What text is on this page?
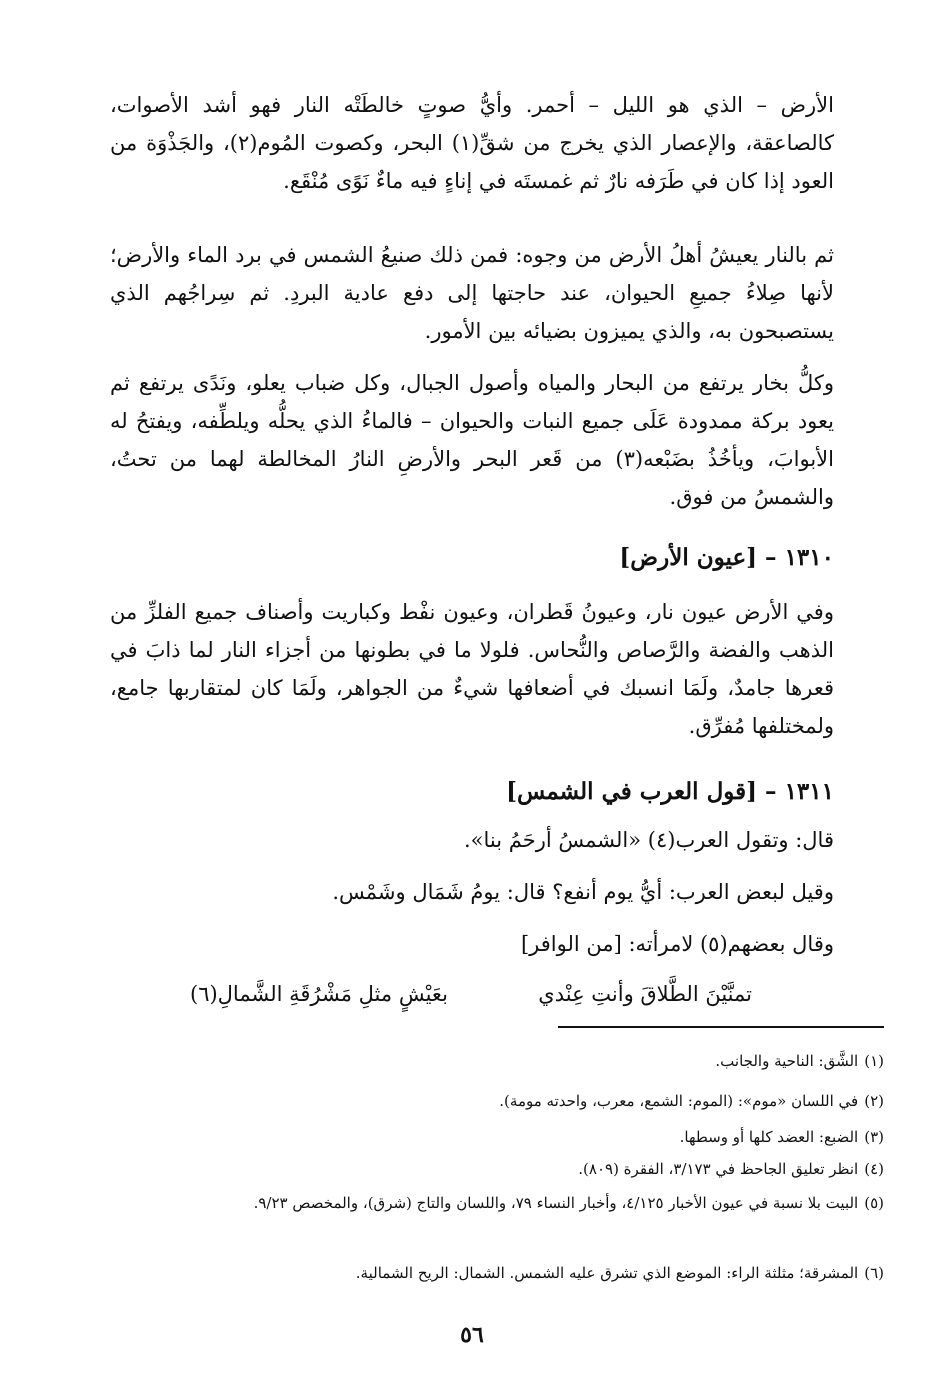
الأرض – الذي هو الليل – أحمر. وأيُّ صوتٍ خالطَتْه النار فهو أشد الأصوات، كالصاعقة، والإعصار الذي يخرج من شقِّ(١) البحر، وكصوت المُوم(٢)، والجَذْوَة من العود إذا كان في طَرَفه نارٌ ثم غمستَه في إناءٍ فيه ماءٌ نَوًى مُنْقَع.

ثم بالنار يعيشُ أهلُ الأرض من وجوه: فمن ذلك صنيعُ الشمس في برد الماء والأرض؛ لأنها صِلاءُ جميعِ الحيوان، عند حاجتها إلى دفع عادية البردِ. ثم سِراجُهم الذي يستصبحون به، والذي يميزون بضيائه بين الأمور.

وكلُّ بخار يرتفع من البحار والمياه وأصول الجبال، وكل ضباب يعلو، ونَدًى يرتفع ثم يعود بركة ممدودة عَلَى جميع النبات والحيوان – فالماءُ الذي يحلُّه ويلطِّفه، ويفتحُ له الأبوابَ، ويأخُذُ بضَبْعه(٣) من قَعر البحر والأرضِ النارُ المخالطة لهما من تحتُ، والشمسُ من فوق.

١٣١٠ – [عيون الأرض]

وفي الأرض عيون نار، وعيونُ قَطران، وعيون نفْط وكباريت وأصناف جميع الفلزِّ من الذهب والفضة والرَّصاص والنُّحاس. فلولا ما في بطونها من أجزاء النار لما ذابَ في قعرها جامدٌ، ولَمَا انسبك في أضعافها شيءٌ من الجواهر، ولَمَا كان لمتقاربها جامع، ولمختلفها مُفرِّق.

١٣١١ – [قول العرب في الشمس]

قال: وتقول العرب(٤) «الشمسُ أرحَمُ بنا».

وقيل لبعض العرب: أيُّ يوم أنفع؟ قال: يومُ شَمَال وشَمْس.

وقال بعضهم(٥) لامرأته: [من الوافر]

تمنَّيْنَ الطَّلاقَ وأنتِ عِنْدي
بعَيْشٍ مثلِ مَشْرُقَةِ الشَّمالِ(٦)

(١)الشَّق: الناحية والجانب.

(٢)في اللسان «موم»: (الموم: الشمع، معرب، واحدته مومة).

(٣)الضبع: العضد كلها أو وسطها.

(٤)انظر تعليق الجاحظ في ٣/١٧٣، الفقرة (٨٠٩).

(٥)البيت بلا نسبة في عيون الأخبار ٤/١٢٥، وأخبار النساء ٧٩، واللسان والتاج (شرق)، والمخصص ٩/٢٣.

(٦)المشرقة؛ مثلثة الراء: الموضع الذي تشرق عليه الشمس. الشمال: الريح الشمالية.

٥٦
